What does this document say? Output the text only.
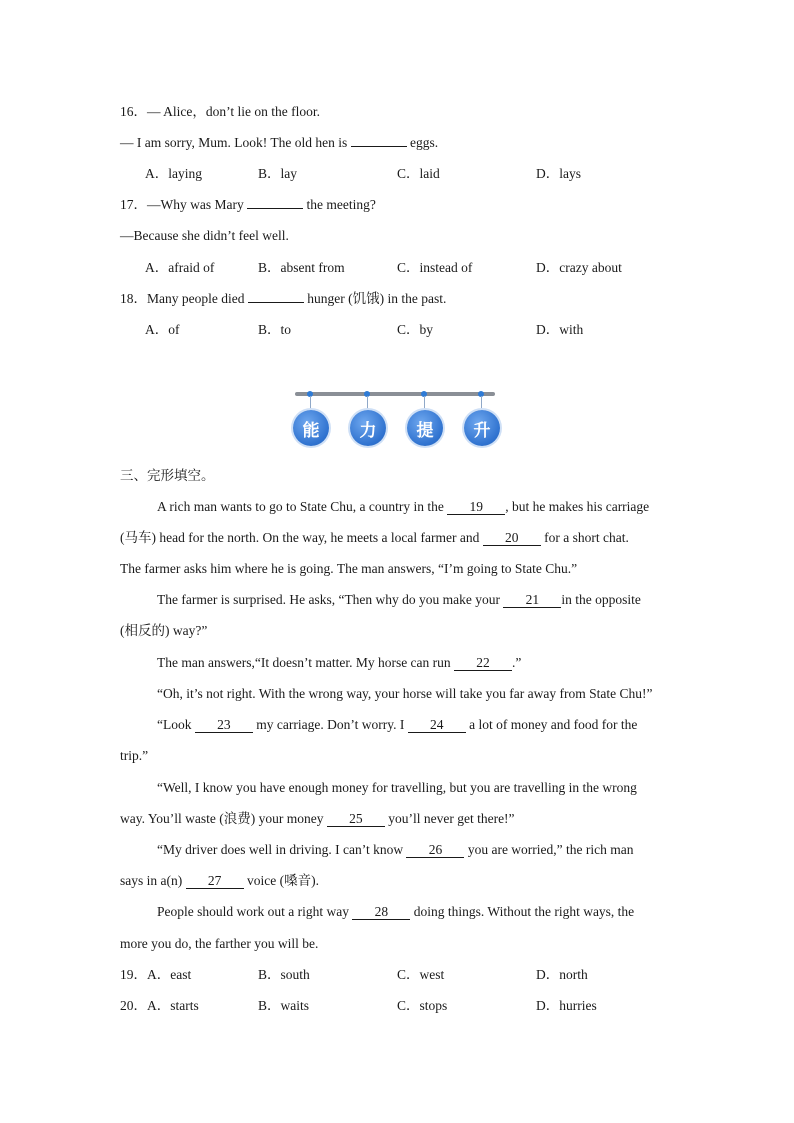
16．— Alice，don’t lie on the floor.
— I am sorry, Mum. Look! The old hen is	eggs.
A．laying	B．lay	C．laid	D．lays
17．—Why was Mary	the meeting?
—Because she didn’t feel well.
A．afraid of	B．absent from	C．instead of	D．crazy about
18．Many people died	hunger (饥饿) in the past.
A．of	B．to	C．by	D．with
能	力	提	升
三、完形填空。
A rich man wants to go to State Chu, a country in the 19 , but he makes his carriage
(马车) head for the north. On the way, he meets a local farmer and 20 for a short chat.
The farmer asks him where he is going. The man answers, “I’m going to State Chu.”
The farmer is surprised. He asks, “Then why do you make your 21 in the opposite
(相反的) way?”
The man answers,“It doesn’t matter. My horse can run 22 .”
“Oh, it’s not right. With the wrong way, your horse will take you far away from State Chu!”
“Look 23 my carriage. Don’t worry. I 24 a lot of money and food for the
trip.”
“Well, I know you have enough money for travelling, but you are travelling in the wrong
way. You’ll waste (浪费) your money 25 you’ll never get there!”
“My driver does well in driving. I can’t know 26 you are worried,” the rich man
says in a(n) 27 voice (嗓音).
People should work out a right way 28 doing things. Without the right ways, the
more you do, the farther you will be.
19．A．east	B．south	C．west	D．north
20．A．starts	B．waits	C．stops	D．hurries
